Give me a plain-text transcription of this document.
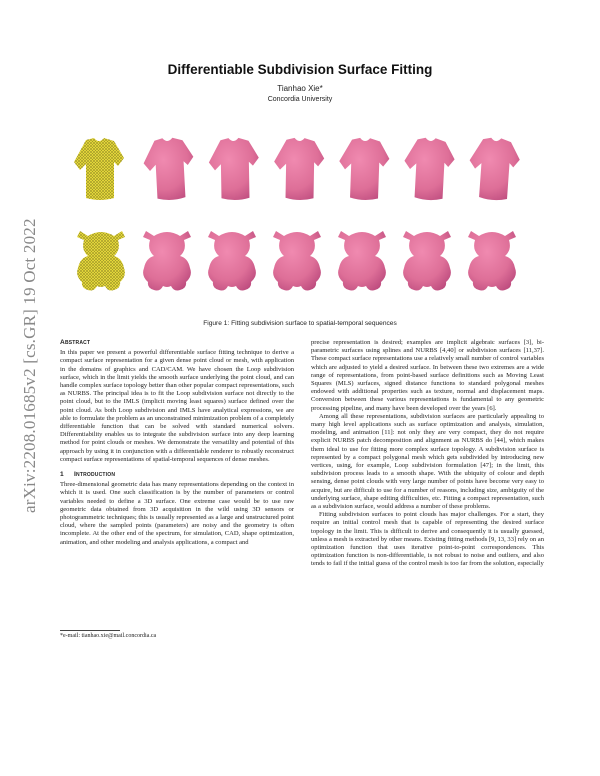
Differentiable Subdivision Surface Fitting
Tianhao Xie*
Concordia University
arXiv:2208.01685v2 [cs.GR] 19 Oct 2022	Figure 1: Fitting subdivision surface to spatial-temporal sequences
Abstract

In this paper we present a powerful differentiable surface fitting technique to derive a compact surface representation for a given dense point cloud or mesh, with application in the domains of graphics and CAD/CAM. We have chosen the Loop subdivision surface, which in the limit yields the smooth surface underlying the point cloud, and can handle complex surface topology better than other popular compact representations, such as NURBS. The principal idea is to fit the Loop subdivision surface not directly to the point cloud, but to the IMLS (implicit moving least squares) surface defined over the point cloud. As both Loop subdivision and IMLS have analytical expressions, we are able to formulate the problem as an unconstrained minimization problem of a completely differentiable function that can be solved with standard numerical solvers. Differentiability enables us to integrate the subdivision surface into any deep learning method for point clouds or meshes. We demonstrate the versatility and potential of this approach by using it in conjunction with a differentiable renderer to robustly reconstruct compact surface representations of spatial-temporal sequences of dense meshes.

1 Introduction

Three-dimensional geometric data has many representations depending on the context in which it is used. One such classification is by the number of parameters or control variables needed to define a 3D surface. One extreme case would be to use raw geometric data obtained from 3D acquisition in the wild using 3D sensors or photogrammetric techniques; this is usually represented as a large and unstructured point cloud, where the sampled points (parameters) are noisy and the geometry is often incomplete. At the other end of the spectrum, for simulation, CAD, shape optimization, animation, and other modeling and analysis applications, a compact and

*e-mail: tianhao.xie@mail.concordia.ca

precise representation is desired; examples are implicit algebraic surfaces [3], bi-parametric surfaces using splines and NURBS [4,40] or subdivision surfaces [11,37]. These compact surface representations use a relatively small number of control variables which are adjusted to yield a desired surface. In between these two extremes are a wide range of representations, from point-based surface definitions such as Moving Least Squares (MLS) surfaces, signed distance functions to standard polygonal meshes endowed with additional properties such as texture, normal and displacement maps. Conversion between these various representations is fundamental to any geometric processing pipeline, and many have been developed over the years [6].

Among all these representations, subdivision surfaces are particularly appealing to many high level applications such as surface optimization and analysis, simulation, modeling, and animation [11]: not only they are very compact, they do not require explicit NURBS patch decomposition and alignment as NURBS do [44], which makes them ideal to use for fitting more complex surface topology. A subdivision surface is represented by a compact polygonal mesh which gets subdivided by introducing new vertices, using, for example, Loop subdivision formulation [47]; in the limit, this subdivision process leads to a smooth shape. With the ubiquity of colour and depth sensing, dense point clouds with very large number of points have become very easy to acquire, but are difficult to use for a number of reasons, including size, ambiguity of the underlying surface, shape editing difficulties, etc. Fitting a compact representation, such as a subdivision surface, would address a number of these problems.

Fitting subdivision surfaces to point clouds has major challenges. For a start, they require an initial control mesh that is capable of representing the desired surface topology in the limit. This is difficult to derive and consequently it is usually guessed, unless a mesh is extracted by other means. Existing fitting methods [9, 13, 33] rely on an optimization function that uses iterative point-to-point correspondences. This optimization function is non-differentiable, is not robust to noise and outliers, and also tends to fail if the initial guess of the control mesh is too far from the solution, especially
